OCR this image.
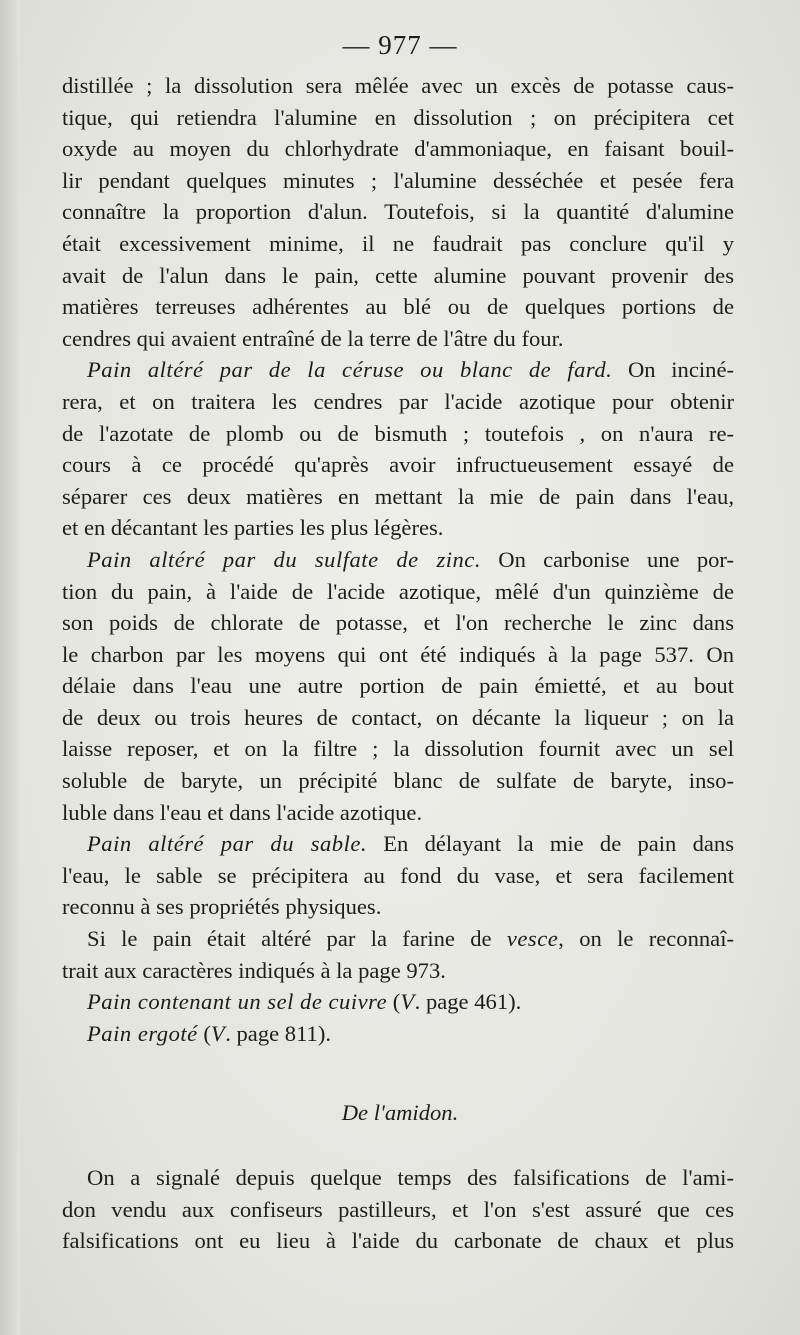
— 977 —
distillée ; la dissolution sera mêlée avec un excès de potasse caus-
tique, qui retiendra l'alumine en dissolution ; on précipitera cet
oxyde au moyen du chlorhydrate d'ammoniaque, en faisant bouil-
lir pendant quelques minutes ; l'alumine desséchée et pesée fera
connaître la proportion d'alun. Toutefois, si la quantité d'alumine
était excessivement minime, il ne faudrait pas conclure qu'il y
avait de l'alun dans le pain, cette alumine pouvant provenir des
matières terreuses adhérentes au blé ou de quelques portions de
cendres qui avaient entraîné de la terre de l'âtre du four.
Pain altéré par de la céruse ou blanc de fard. On inciné-
rera, et on traitera les cendres par l'acide azotique pour obtenir
de l'azotate de plomb ou de bismuth ; toutefois , on n'aura re-
cours à ce procédé qu'après avoir infructueusement essayé de
séparer ces deux matières en mettant la mie de pain dans l'eau,
et en décantant les parties les plus légères.
Pain altéré par du sulfate de zinc. On carbonise une por-
tion du pain, à l'aide de l'acide azotique, mêlé d'un quinzième de
son poids de chlorate de potasse, et l'on recherche le zinc dans
le charbon par les moyens qui ont été indiqués à la page 537. On
délaie dans l'eau une autre portion de pain émietté, et au bout
de deux ou trois heures de contact, on décante la liqueur ; on la
laisse reposer, et on la filtre ; la dissolution fournit avec un sel
soluble de baryte, un précipité blanc de sulfate de baryte, inso-
luble dans l'eau et dans l'acide azotique.
Pain altéré par du sable. En délayant la mie de pain dans
l'eau, le sable se précipitera au fond du vase, et sera facilement
reconnu à ses propriétés physiques.
Si le pain était altéré par la farine de vesce, on le reconnaî-
trait aux caractères indiqués à la page 973.
Pain contenant un sel de cuivre (V. page 461).
Pain ergoté (V. page 811).
De l'amidon.
On a signalé depuis quelque temps des falsifications de l'ami-
don vendu aux confiseurs pastilleurs, et l'on s'est assuré que ces
falsifications ont eu lieu à l'aide du carbonate de chaux et plus
